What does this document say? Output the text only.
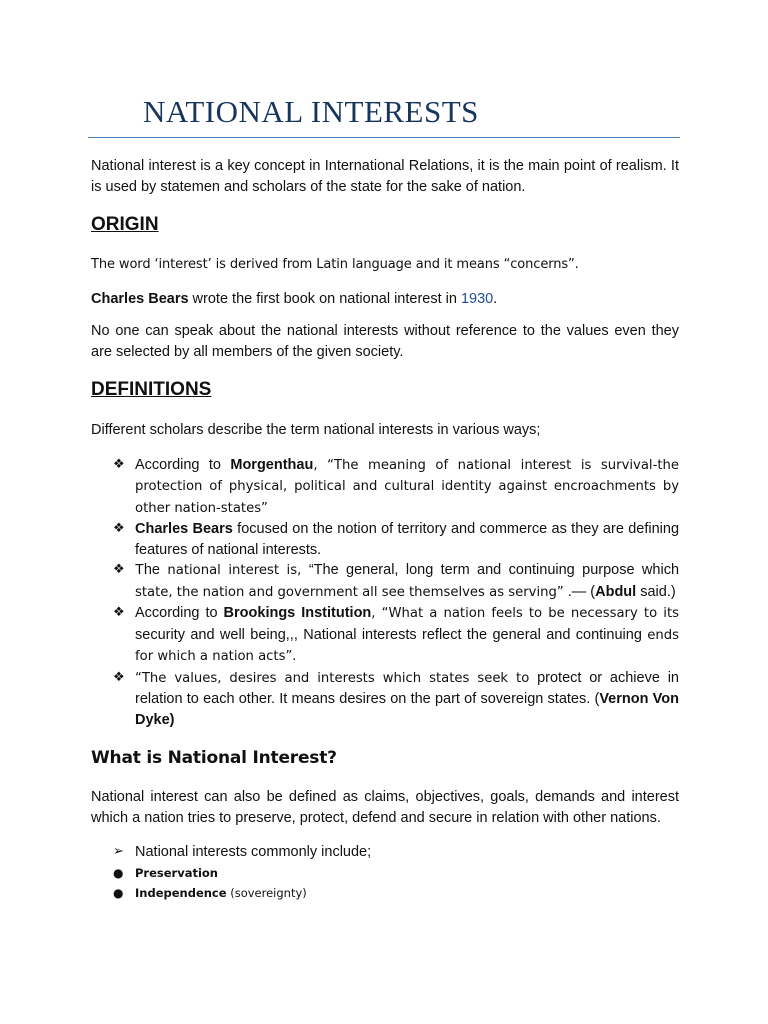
NATIONAL INTERESTS

National interest is a key concept in International Relations, it is the main point of realism. It is used by statemen and scholars of the state for the sake of nation.

ORIGIN

The word ‘interest’ is derived from Latin language and it means “concerns”.

Charles Bears wrote the first book on national interest in 1930.

No one can speak about the national interests without reference to the values even they are selected by all members of the given society.

DEFINITIONS

Different scholars describe the term national interests in various ways;

❖ According to Morgenthau, “The meaning of national interest is survival-the protection of physical, political and cultural identity against encroachments by other nation-states”
❖ Charles Bears focused on the notion of territory and commerce as they are defining features of national interests.
❖ The national interest is, “The general, long term and continuing purpose which state, the nation and government all see themselves as serving” .— (Abdul said.)
❖ According to Brookings Institution, “What a nation feels to be necessary to its security and well being,,, National interests reflect the general and continuing ends for which a nation acts”.
❖ “The values, desires and interests which states seek to protect or achieve in relation to each other. It means desires on the part of sovereign states. (Vernon Von Dyke)
What is National Interest?

National interest can also be defined as claims, objectives, goals, demands and interest which a nation tries to preserve, protect, defend and secure in relation with other nations.

➢ National interests commonly include;
● Preservation
● Independence (sovereignty)
